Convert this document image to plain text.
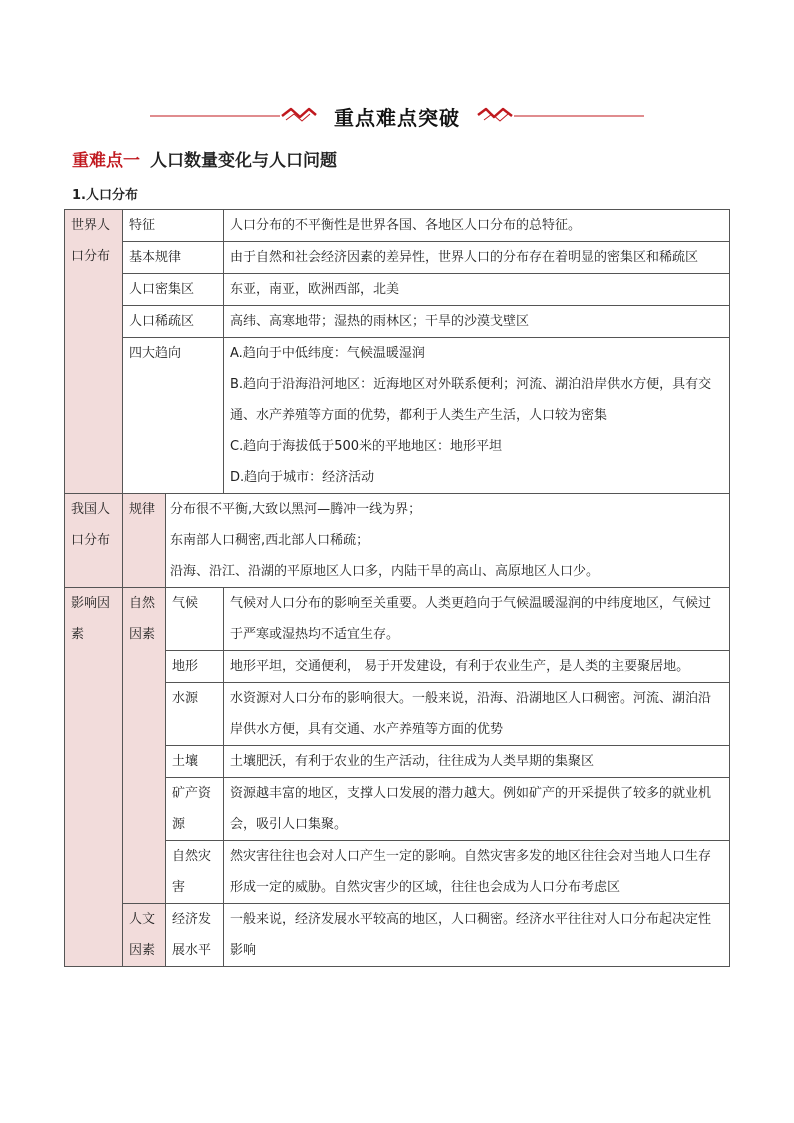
重点难点突破
重难点一 人口数量变化与人口问题
1.人口分布
世界人口分布	特征		人口分布的不平衡性是世界各国、各地区人口分布的总特征。

	基本规律		由于自然和社会经济因素的差异性，世界人口的分布存在着明显的密集区和稀疏区

	人口密集区		东亚，南亚，欧洲西部，北美

	人口稀疏区		高纬、高寒地带；湿热的雨林区；干旱的沙漠戈壁区

	四大趋向		A.趋向于中低纬度：气候温暖湿润

B.趋向于沿海沿河地区：近海地区对外联系便利；河流、湖泊沿岸供水方便，具有交通、水产养殖等方面的优势，都利于人类生产生活，人口较为密集

C.趋向于海拔低于500米的平地地区：地形平坦

D.趋向于城市：经济活动

我国人口分布	规律	分布很不平衡,大致以黑河—腾冲一线为界；

东南部人口稠密,西北部人口稀疏；

沿海、沿江、沿湖的平原地区人口多，内陆干旱的高山、高原地区人口少。	

影响因素	自然因素	气候	气候对人口分布的影响至关重要。人类更趋向于气候温暖湿润的中纬度地区，气候过于严寒或湿热均不适宜生存。
		地形	地形平坦，交通便利， 易于开发建设，有利于农业生产，是人类的主要聚居地。
		水源	水资源对人口分布的影响很大。一般来说，沿海、沿湖地区人口稠密。河流、湖泊沿岸供水方便，具有交通、水产养殖等方面的优势
		土壤	土壤肥沃，有利于农业的生产活动，往往成为人类早期的集聚区
		矿产资源	资源越丰富的地区，支撑人口发展的潜力越大。例如矿产的开采提供了较多的就业机会，吸引人口集聚。
		自然灾害	然灾害往往也会对人口产生一定的影响。自然灾害多发的地区往往会对当地人口生存形成一定的威胁。自然灾害少的区域，往往也会成为人口分布考虑区
	人文因素	经济发展水平	一般来说，经济发展水平较高的地区，人口稠密。经济水平往往对人口分布起决定性影响
